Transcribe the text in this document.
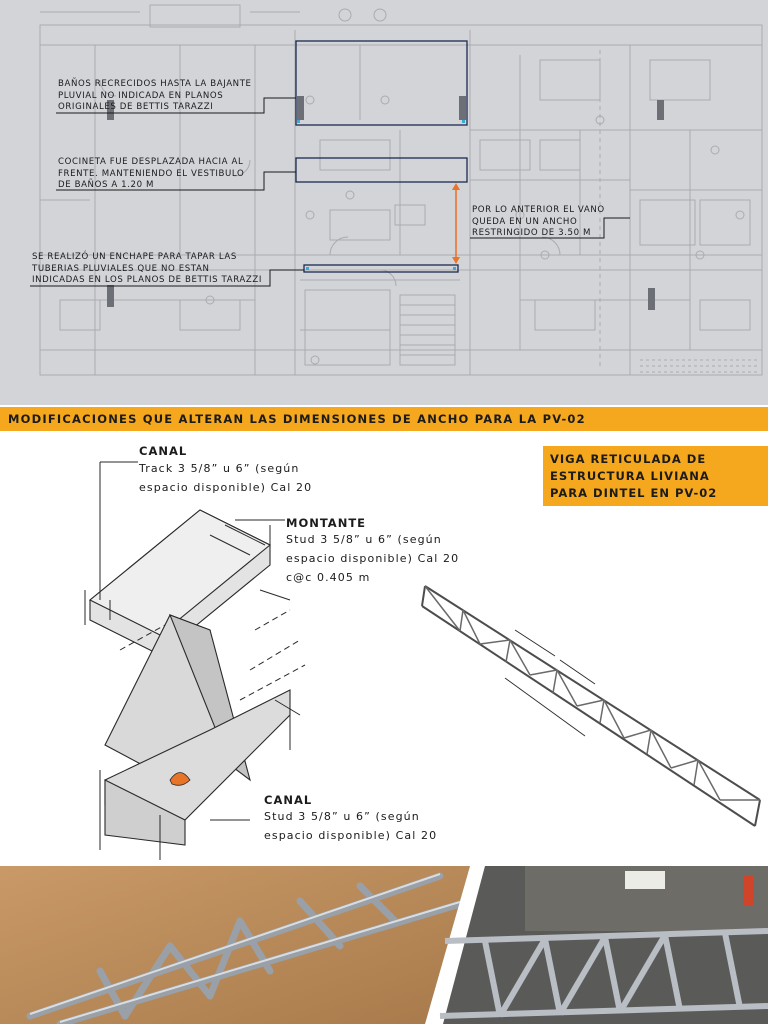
BAÑOS RECRECIDOS HASTA LA BAJANTE
PLUVIAL NO INDICADA EN PLANOS
ORIGINALES DE BETTIS TARAZZI
COCINETA FUE DESPLAZADA HACIA AL
FRENTE. MANTENIENDO EL VESTIBULO
DE BAÑOS A 1.20 M
SE REALIZÓ UN ENCHAPE PARA TAPAR LAS
TUBERIAS PLUVIALES QUE NO ESTAN
INDICADAS EN LOS PLANOS DE BETTIS TARAZZI
POR LO ANTERIOR EL VANO
QUEDA EN UN ANCHO
RESTRINGIDO DE 3.50 M
MODIFICACIONES QUE ALTERAN LAS DIMENSIONES DE ANCHO PARA LA PV-02
CANAL
Track 3 5/8” u 6” (según
espacio disponible) Cal 20
MONTANTE
Stud 3 5/8” u 6” (según
espacio disponible) Cal 20
c@c 0.405 m
CANAL
Stud 3 5/8” u 6” (según
espacio disponible) Cal 20
VIGA RETICULADA DE
ESTRUCTURA LIVIANA
PARA DINTEL EN PV-02
